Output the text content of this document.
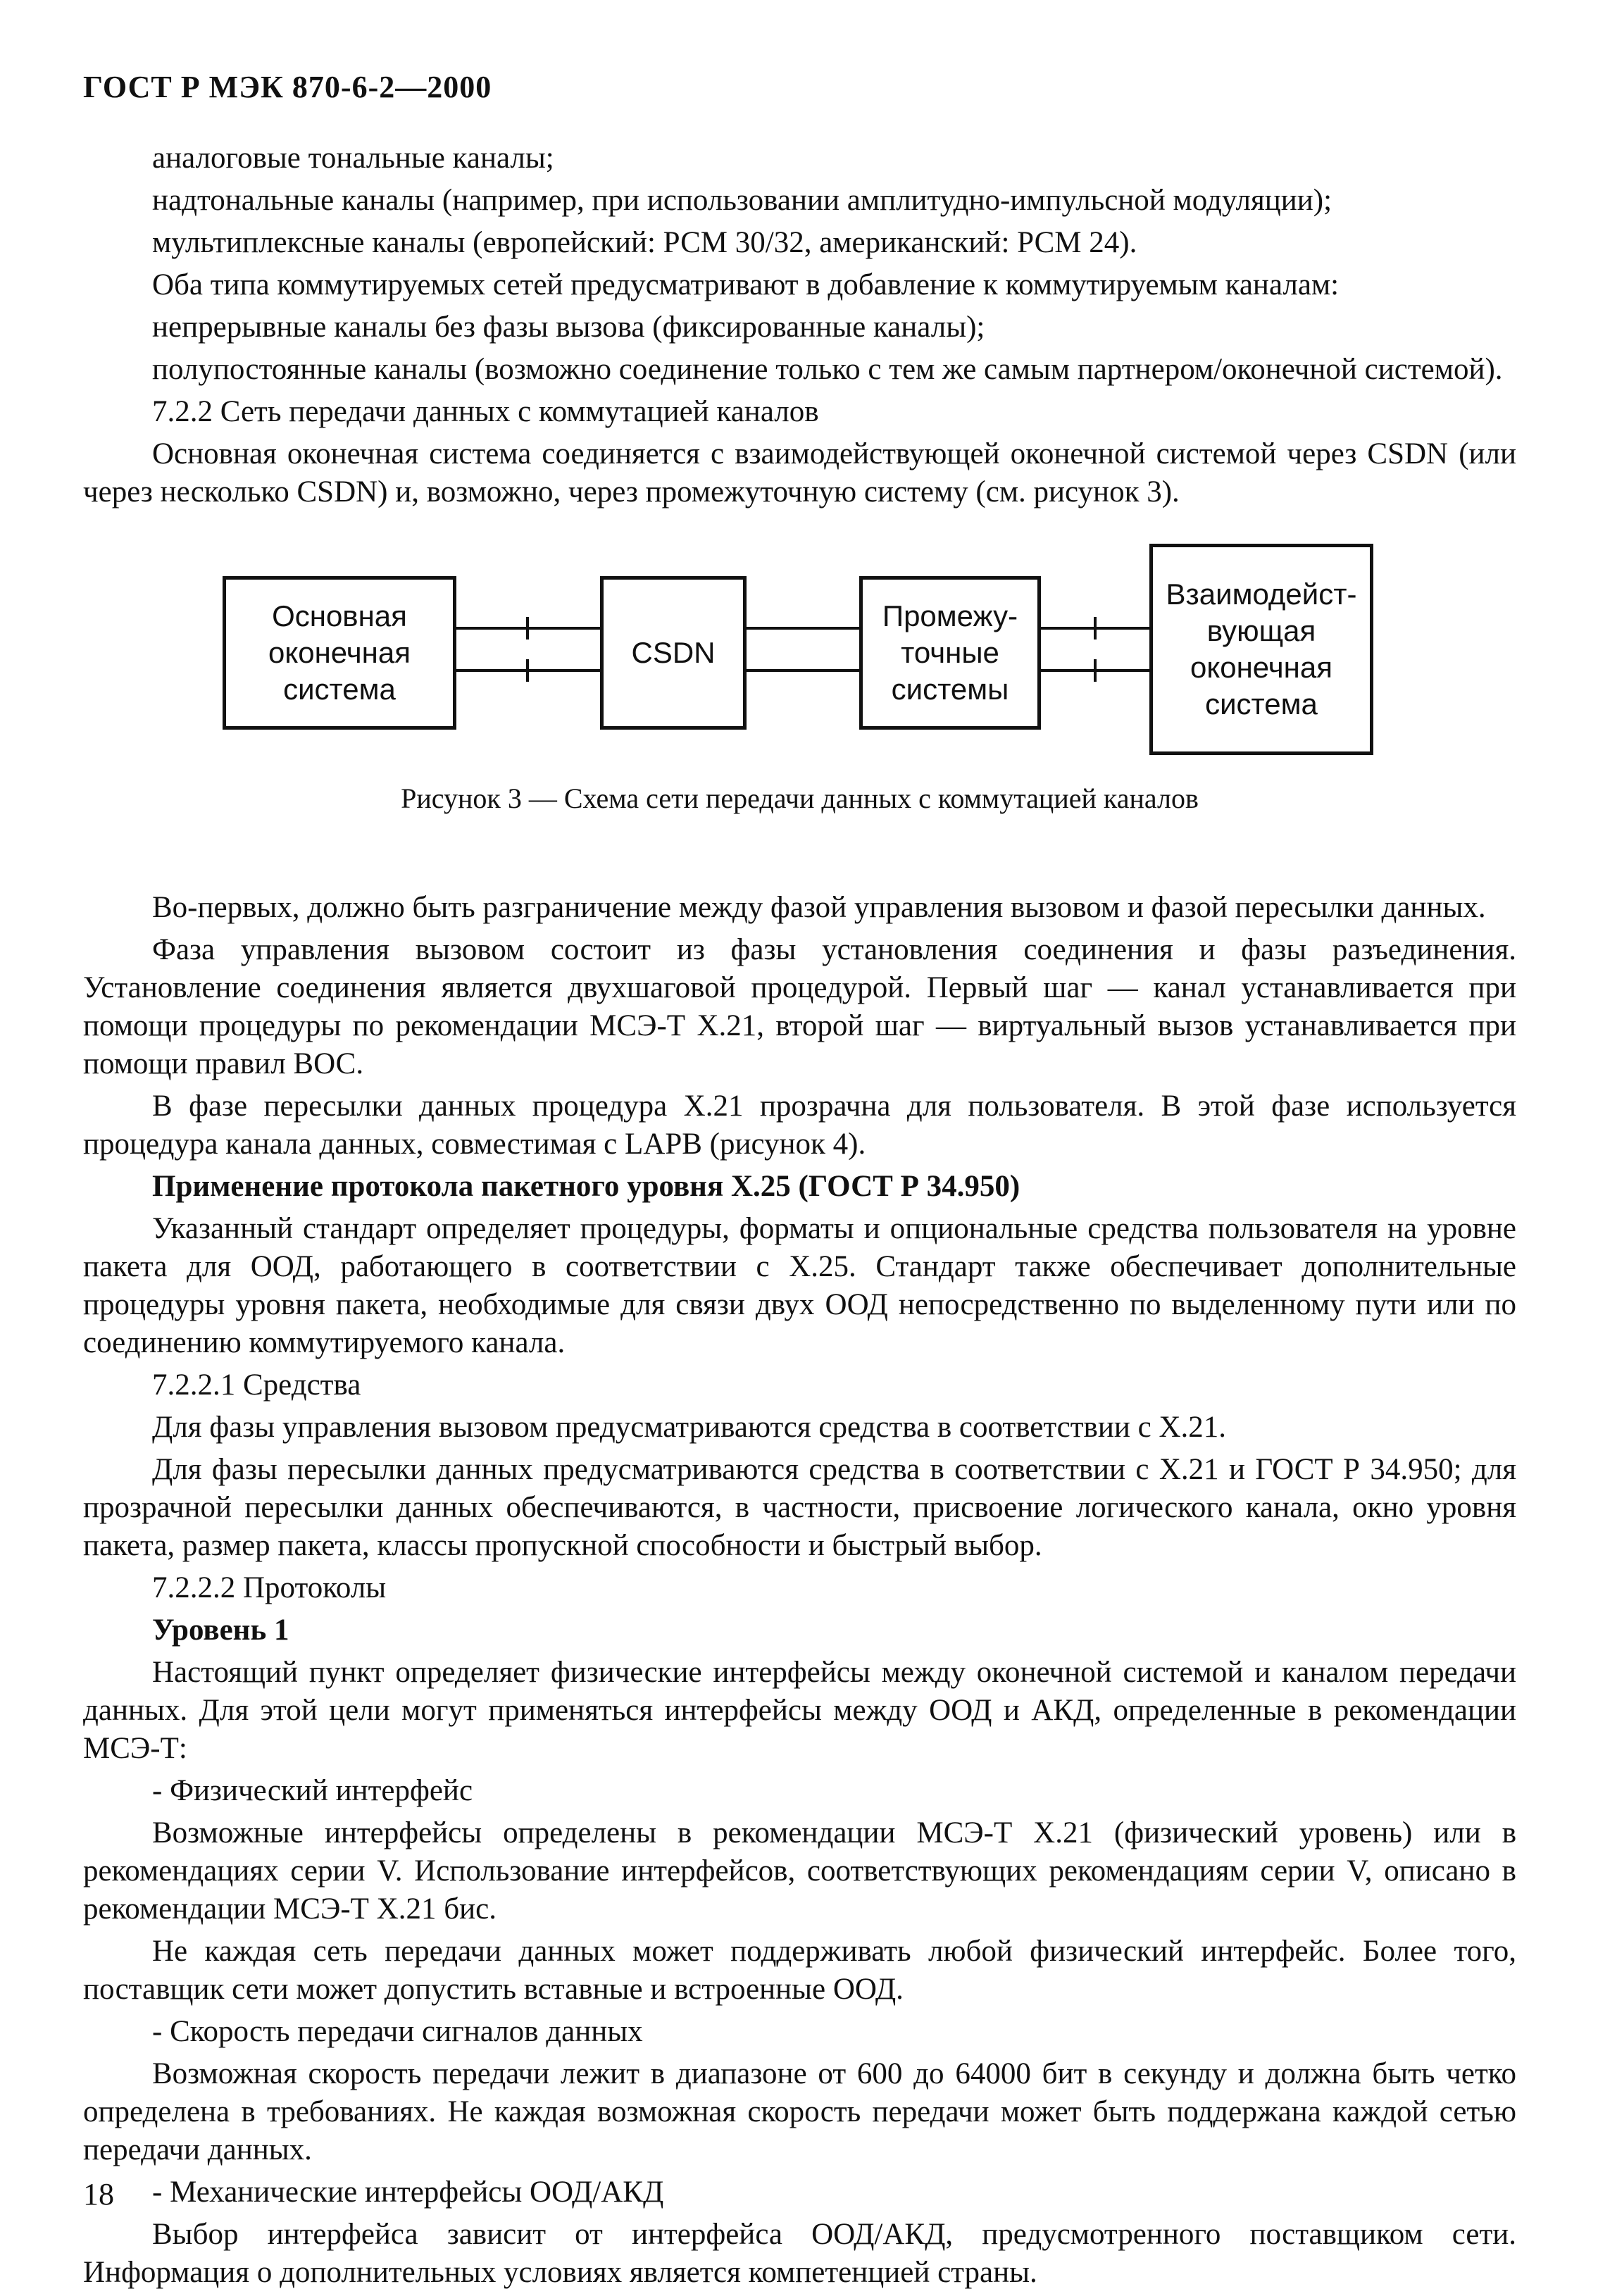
ГОСТ Р МЭК 870-6-2—2000

аналоговые тональные каналы;

надтональные каналы (например, при использовании амплитудно-импульсной модуляции);

мультиплексные каналы (европейский: РСМ 30/32, американский: РСМ 24).

Оба типа коммутируемых сетей предусматривают в добавление к коммутируемым каналам:

непрерывные каналы без фазы вызова (фиксированные каналы);

полупостоянные каналы (возможно соединение только с тем же самым партнером/оконечной системой).

7.2.2 Сеть передачи данных с коммутацией каналов

Основная оконечная система соединяется с взаимодействующей оконечной системой через CSDN (или через несколько CSDN) и, возможно, через промежуточную систему (см. рисунок 3).

Основная
оконечная
система
CSDN
Промежу-
точные
системы
Взаимодейст-
вующая
оконечная
система
Рисунок 3 — Схема сети передачи данных с коммутацией каналов

Во-первых, должно быть разграничение между фазой управления вызовом и фазой пересылки данных.

Фаза управления вызовом состоит из фазы установления соединения и фазы разъединения. Установление соединения является двухшаговой процедурой. Первый шаг — канал устанавливается при помощи процедуры по рекомендации МСЭ-Т Х.21, второй шаг — виртуальный вызов устанавливается при помощи правил ВОС.

В фазе пересылки данных процедура Х.21 прозрачна для пользователя. В этой фазе используется процедура канала данных, совместимая с LAPB (рисунок 4).

Применение протокола пакетного уровня Х.25 (ГОСТ Р 34.950)

Указанный стандарт определяет процедуры, форматы и опциональные средства пользователя на уровне пакета для ООД, работающего в соответствии с Х.25. Стандарт также обеспечивает дополнительные процедуры уровня пакета, необходимые для связи двух ООД непосредственно по выделенному пути или по соединению коммутируемого канала.

7.2.2.1 Средства

Для фазы управления вызовом предусматриваются средства в соответствии с Х.21.

Для фазы пересылки данных предусматриваются средства в соответствии с Х.21 и ГОСТ Р 34.950; для прозрачной пересылки данных обеспечиваются, в частности, присвоение логического канала, окно уровня пакета, размер пакета, классы пропускной способности и быстрый выбор.

7.2.2.2 Протоколы

Уровень 1

Настоящий пункт определяет физические интерфейсы между оконечной системой и каналом передачи данных. Для этой цели могут применяться интерфейсы между ООД и АКД, определенные в рекомендации МСЭ-Т:

- Физический интерфейс

Возможные интерфейсы определены в рекомендации МСЭ-Т Х.21 (физический уровень) или в рекомендациях серии V. Использование интерфейсов, соответствующих рекомендациям серии V, описано в рекомендации МСЭ-Т Х.21 бис.

Не каждая сеть передачи данных может поддерживать любой физический интерфейс. Более того, поставщик сети может допустить вставные и встроенные ООД.

- Скорость передачи сигналов данных

Возможная скорость передачи лежит в диапазоне от 600 до 64000 бит в секунду и должна быть четко определена в требованиях. Не каждая возможная скорость передачи может быть поддержана каждой сетью передачи данных.

- Механические интерфейсы ООД/АКД

Выбор интерфейса зависит от интерфейса ООД/АКД, предусмотренного поставщиком сети. Информация о дополнительных условиях является компетенцией страны.

18
